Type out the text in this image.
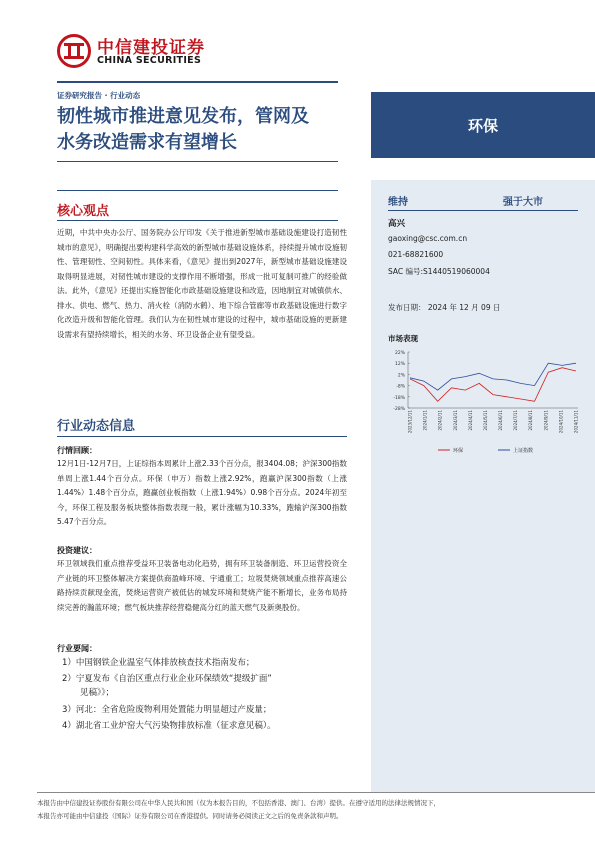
中信建投证券
CHINA SECURITIES
证券研究报告 · 行业动态
韧性城市推进意见发布，管网及
水务改造需求有望增长
环保
核心观点
近期，中共中央办公厅、国务院办公厅印发《关于推进新型城市基础设施建设打造韧性城市的意见》，明确提出要构建科学高效的新型城市基础设施体系，持续提升城市设施韧性、管理韧性、空间韧性。具体来看，《意见》提出到2027年，新型城市基础设施建设取得明显进展，对韧性城市建设的支撑作用不断增强，形成一批可复制可推广的经验做法。此外，《意见》还提出实施智能化市政基础设施建设和改造，因地制宜对城镇供水、排水、供电、燃气、热力、消火栓（消防水鹤）、地下综合管廊等市政基础设施进行数字化改造升级和智能化管理。我们认为在韧性城市建设的过程中，城市基础设施的更新建设需求有望持续增长，相关的水务、环卫设备企业有望受益。
行业动态信息
行情回顾：
12月1日-12月7日，上证综指本周累计上涨2.33个百分点，报3404.08；沪深300指数单周上涨1.44个百分点。环保（申万）指数上涨2.92%，跑赢沪深300指数（上涨1.44%）1.48个百分点，跑赢创业板指数（上涨1.94%）0.98个百分点。2024年初至今，环保工程及服务板块整体指数表现一般，累计涨幅为10.33%，跑输沪深300指数5.47个百分点。
投资建议：
环卫领域我们重点推荐受益环卫装备电动化趋势，拥有环卫装备制造、环卫运营投资全产业链的环卫整体解决方案提供商盈峰环境、宇通重工；垃圾焚烧领域重点推荐高速公路持续贡献现金流，焚烧运营资产被低估的城发环境和焚烧产能不断增长，业务布局持续完善的瀚蓝环境；燃气板块推荐经营稳健高分红的蓝天燃气及新奥股份。
行业要闻：
1）中国钢铁企业温室气体排放核查技术指南发布；
2）宁夏发布《自治区重点行业企业环保绩效“提级扩面”
见稿》》；
3）河北：全省危险废物利用处置能力明显超过产废量；
4）湖北省工业炉窑大气污染物排放标准（征求意见稿）。
维持	强于大市
高兴
gaoxing@csc.com.cn
021-68821600
SAC 编号:S1440519060004
发布日期： 2024 年 12 月 09 日
市场表现
22%
12%
2%
-8%
-18%
-28%
2023/12/11	2024/1/11	2024/2/11	2024/3/11	2024/4/11	2024/5/11	2024/6/11	2024/7/11	2024/8/11	2024/9/11	2024/10/11	2024/11/11
环保	上证指数
本报告由中信建投证券股份有限公司在中华人民共和国（仅为本报告目的，不包括香港、澳门、台湾）提供。在遵守适用的法律法规情况下，
本报告亦可能由中信建投（国际）证券有限公司在香港提供。同时请务必阅读正文之后的免责条款和声明。
